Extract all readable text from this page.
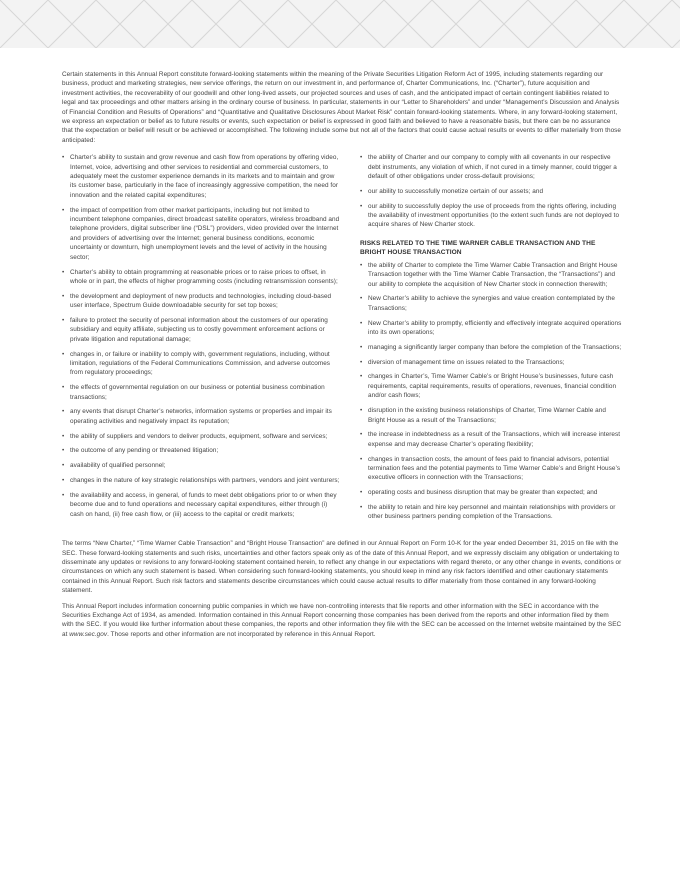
Certain statements in this Annual Report constitute forward-looking statements within the meaning of the Private Securities Litigation Reform Act of 1995, including statements regarding our business, product and marketing strategies, new service offerings, the return on our investment in, and performance of, Charter Communications, Inc. (“Charter”), future acquisition and investment activities, the recoverability of our goodwill and other long-lived assets, our projected sources and uses of cash, and the anticipated impact of certain contingent liabilities related to legal and tax proceedings and other matters arising in the ordinary course of business. In particular, statements in our “Letter to Shareholders” and under “Management’s Discussion and Analysis of Financial Condition and Results of Operations” and “Quantitative and Qualitative Disclosures About Market Risk” contain forward-looking statements. Where, in any forward-looking statement, we express an expectation or belief as to future results or events, such expectation or belief is expressed in good faith and believed to have a reasonable basis, but there can be no assurance that the expectation or belief will result or be achieved or accomplished. The following include some but not all of the factors that could cause actual results or events to differ materially from those anticipated:

• Charter’s ability to sustain and grow revenue and cash flow from operations by offering video, Internet, voice, advertising and other services to residential and commercial customers, to adequately meet the customer experience demands in its markets and to maintain and grow its customer base, particularly in the face of increasingly aggressive competition, the need for innovation and the related capital expenditures;
• the impact of competition from other market participants, including but not limited to incumbent telephone companies, direct broadcast satellite operators, wireless broadband and telephone providers, digital subscriber line (“DSL”) providers, video provided over the Internet and providers of advertising over the Internet; general business conditions, economic uncertainty or downturn, high unemployment levels and the level of activity in the housing sector;
• Charter’s ability to obtain programming at reasonable prices or to raise prices to offset, in whole or in part, the effects of higher programming costs (including retransmission consents);
• the development and deployment of new products and technologies, including cloud-based user interface, Spectrum Guide downloadable security for set top boxes;
• failure to protect the security of personal information about the customers of our operating subsidiary and equity affiliate, subjecting us to costly government enforcement actions or private litigation and reputational damage;
• changes in, or failure or inability to comply with, government regulations, including, without limitation, regulations of the Federal Communications Commission, and adverse outcomes from regulatory proceedings;
• the effects of governmental regulation on our business or potential business combination transactions;
• any events that disrupt Charter’s networks, information systems or properties and impair its operating activities and negatively impact its reputation;
• the ability of suppliers and vendors to deliver products, equipment, software and services;
• the outcome of any pending or threatened litigation;
• availability of qualified personnel;
• changes in the nature of key strategic relationships with partners, vendors and joint venturers;
• the availability and access, in general, of funds to meet debt obligations prior to or when they become due and to fund operations and necessary capital expenditures, either through (i) cash on hand, (ii) free cash flow, or (iii) access to the capital or credit markets;
• the ability of Charter and our company to comply with all covenants in our respective debt instruments, any violation of which, if not cured in a timely manner, could trigger a default of other obligations under cross-default provisions;
• our ability to successfully monetize certain of our assets; and
• our ability to successfully deploy the use of proceeds from the rights offering, including the availability of investment opportunities (to the extent such funds are not deployed to acquire shares of New Charter stock.
RISKS RELATED TO THE TIME WARNER CABLE TRANSACTION AND THE BRIGHT HOUSE TRANSACTION
• the ability of Charter to complete the Time Warner Cable Transaction and Bright House Transaction together with the Time Warner Cable Transaction, the “Transactions”) and our ability to complete the acquisition of New Charter stock in connection therewith;
• New Charter’s ability to achieve the synergies and value creation contemplated by the Transactions;
• New Charter’s ability to promptly, efficiently and effectively integrate acquired operations into its own operations;
• managing a significantly larger company than before the completion of the Transactions;
• diversion of management time on issues related to the Transactions;
• changes in Charter’s, Time Warner Cable’s or Bright House’s businesses, future cash requirements, capital requirements, results of operations, revenues, financial condition and/or cash flows;
• disruption in the existing business relationships of Charter, Time Warner Cable and Bright House as a result of the Transactions;
• the increase in indebtedness as a result of the Transactions, which will increase interest expense and may decrease Charter’s operating flexibility;
• changes in transaction costs, the amount of fees paid to financial advisors, potential termination fees and the potential payments to Time Warner Cable’s and Bright House’s executive officers in connection with the Transactions;
• operating costs and business disruption that may be greater than expected; and
• the ability to retain and hire key personnel and maintain relationships with providers or other business partners pending completion of the Transactions.

The terms “New Charter,” “Time Warner Cable Transaction” and “Bright House Transaction” are defined in our Annual Report on Form 10-K for the year ended December 31, 2015 on file with the SEC. These forward-looking statements and such risks, uncertainties and other factors speak only as of the date of this Annual Report, and we expressly disclaim any obligation or undertaking to disseminate any updates or revisions to any forward-looking statement contained herein, to reflect any change in our expectations with regard thereto, or any other change in events, conditions or circumstances on which any such statement is based. When considering such forward-looking statements, you should keep in mind any risk factors identified and other cautionary statements contained in this Annual Report. Such risk factors and statements describe circumstances which could cause actual results to differ materially from those contained in any forward-looking statement.

This Annual Report includes information concerning public companies in which we have non-controlling interests that file reports and other information with the SEC in accordance with the Securities Exchange Act of 1934, as amended. Information contained in this Annual Report concerning those companies has been derived from the reports and other information filed by them with the SEC. If you would like further information about these companies, the reports and other information they file with the SEC can be accessed on the Internet website maintained by the SEC at www.sec.gov. Those reports and other information are not incorporated by reference in this Annual Report.
